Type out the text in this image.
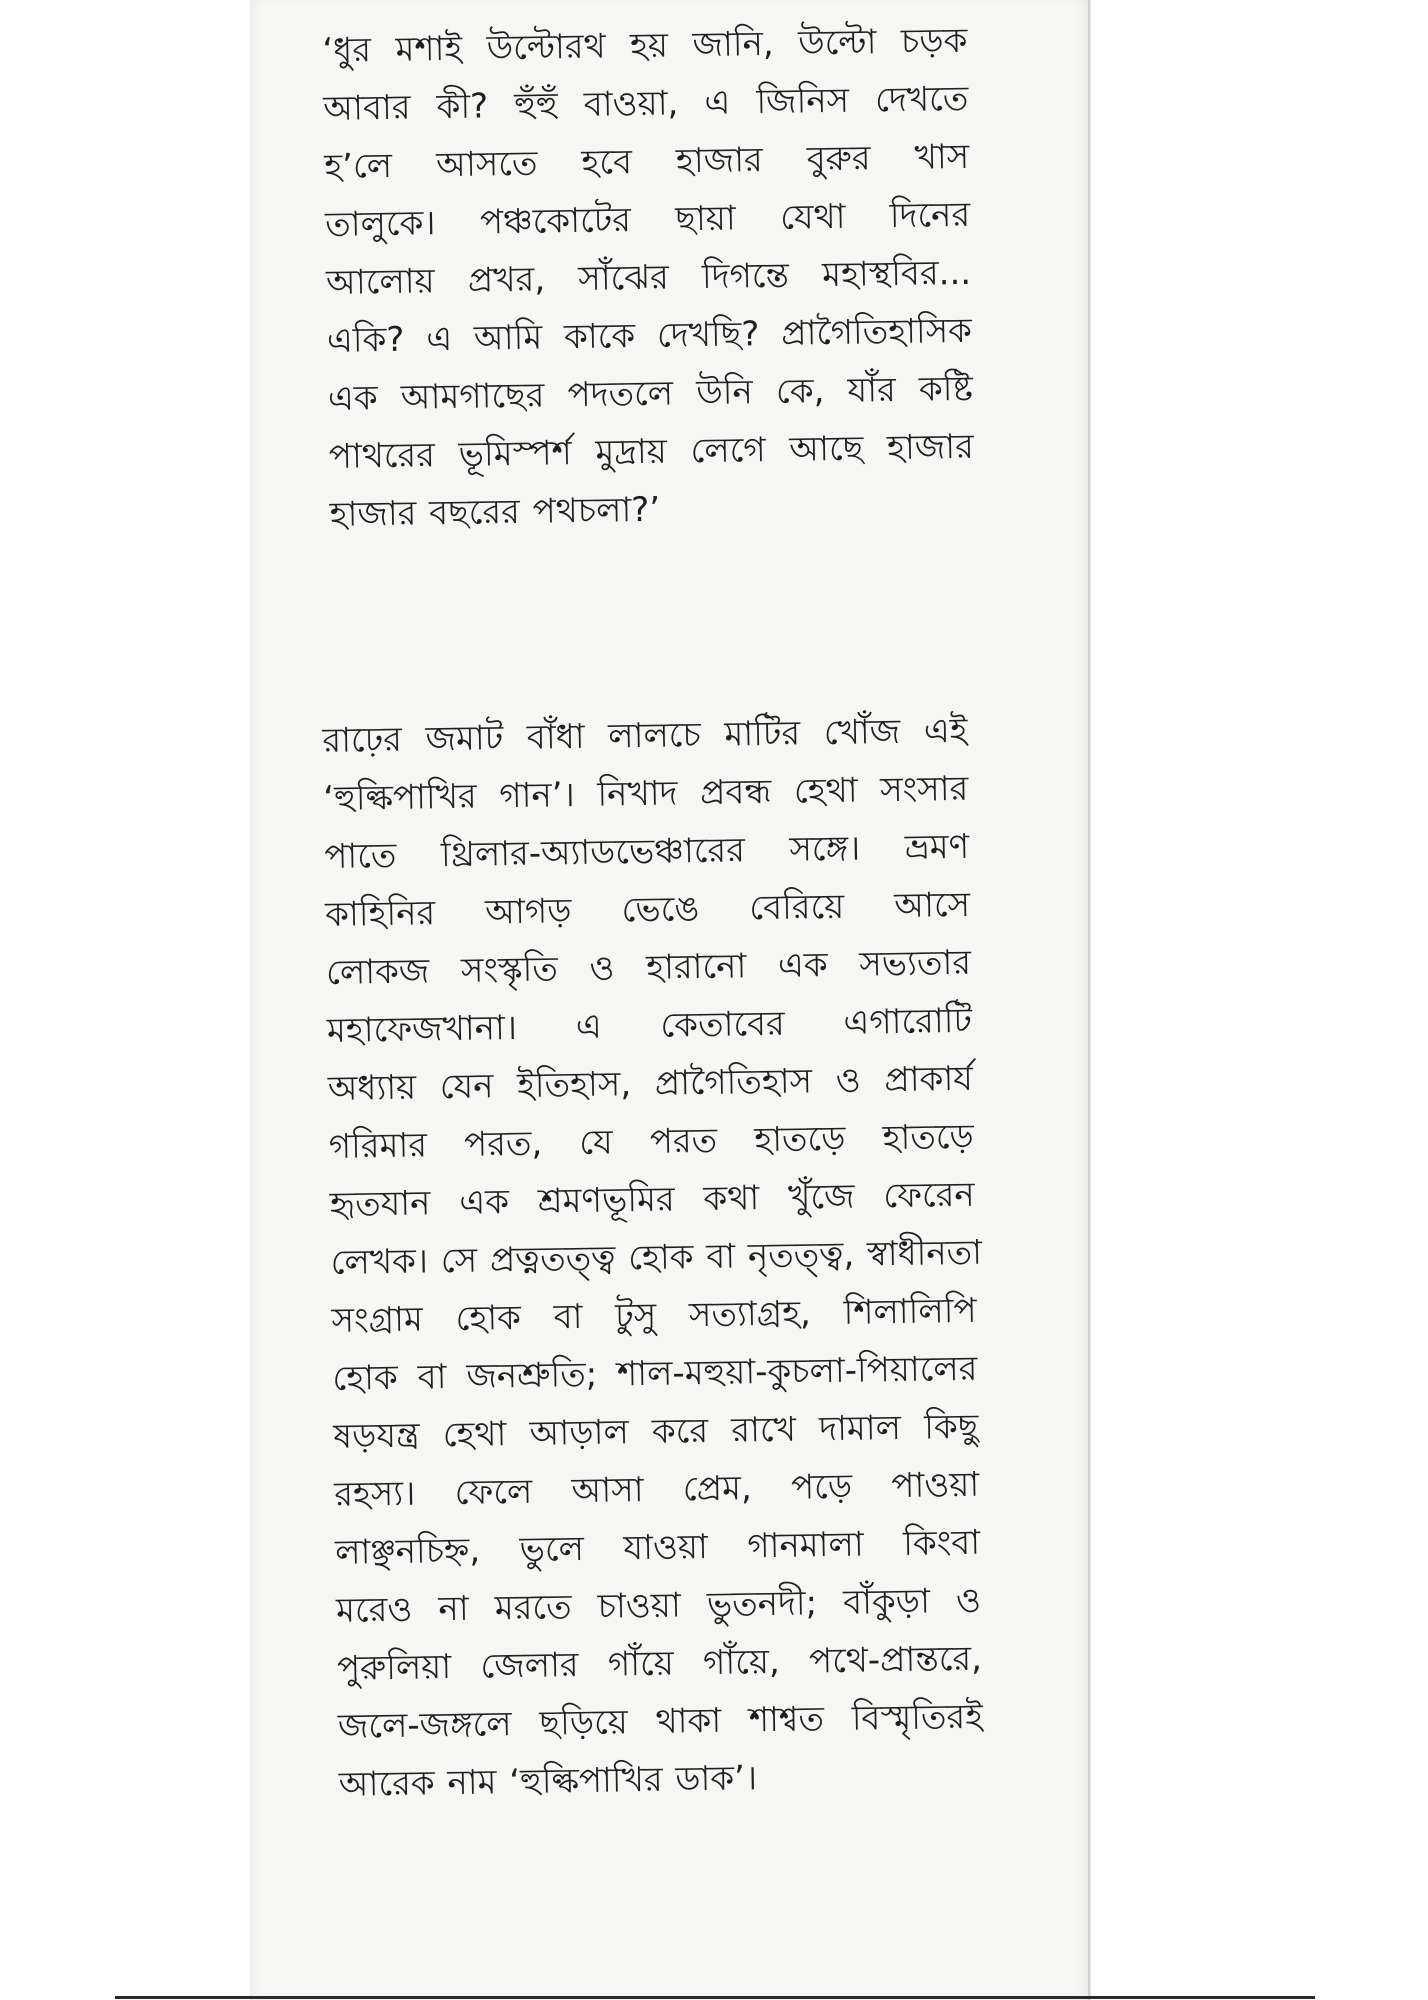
‘ধুর মশাই উল্টোরথ হয় জানি, উল্টো চড়ক
আবার কী? হুঁহুঁ বাওয়া, এ জিনিস দেখতে
হ’লে আসতে হবে হাজার বুরুর খাস
তালুকে। পঞ্চকোটের ছায়া যেথা দিনের
আলোয় প্রখর, সাঁঝের দিগন্তে মহাস্থবির...
একি? এ আমি কাকে দেখছি? প্রাগৈতিহাসিক
এক আমগাছের পদতলে উনি কে, যাঁর কষ্টি
পাথরের ভূমিস্পর্শ মুদ্রায় লেগে আছে হাজার
হাজার বছরের পথচলা?’
রাঢ়ের জমাট বাঁধা লালচে মাটির খোঁজ এই
‘হুল্কিপাখির গান’। নিখাদ প্রবন্ধ হেথা সংসার
পাতে থ্রিলার-অ্যাডভেঞ্চারের সঙ্গে। ভ্রমণ
কাহিনির আগড় ভেঙে বেরিয়ে আসে
লোকজ সংস্কৃতি ও হারানো এক সভ্যতার
মহাফেজখানা। এ কেতাবের এগারোটি
অধ্যায় যেন ইতিহাস, প্রাগৈতিহাস ও প্রাকার্য
গরিমার পরত, যে পরত হাতড়ে হাতড়ে
হৃতযান এক শ্রমণভূমির কথা খুঁজে ফেরেন
লেখক। সে প্রত্নতত্ত্ব হোক বা নৃতত্ত্ব, স্বাধীনতা
সংগ্রাম হোক বা টুসু সত্যাগ্রহ, শিলালিপি
হোক বা জনশ্রুতি; শাল-মহুয়া-কুচলা-পিয়ালের
ষড়যন্ত্র হেথা আড়াল করে রাখে দামাল কিছু
রহস্য। ফেলে আসা প্রেম, পড়ে পাওয়া
লাঞ্ছনচিহ্ন, ভুলে যাওয়া গানমালা কিংবা
মরেও না মরতে চাওয়া ভুতনদী; বাঁকুড়া ও
পুরুলিয়া জেলার গাঁয়ে গাঁয়ে, পথে-প্রান্তরে,
জলে-জঙ্গলে ছড়িয়ে থাকা শাশ্বত বিস্মৃতিরই
আরেক নাম ‘হুল্কিপাখির ডাক’।
